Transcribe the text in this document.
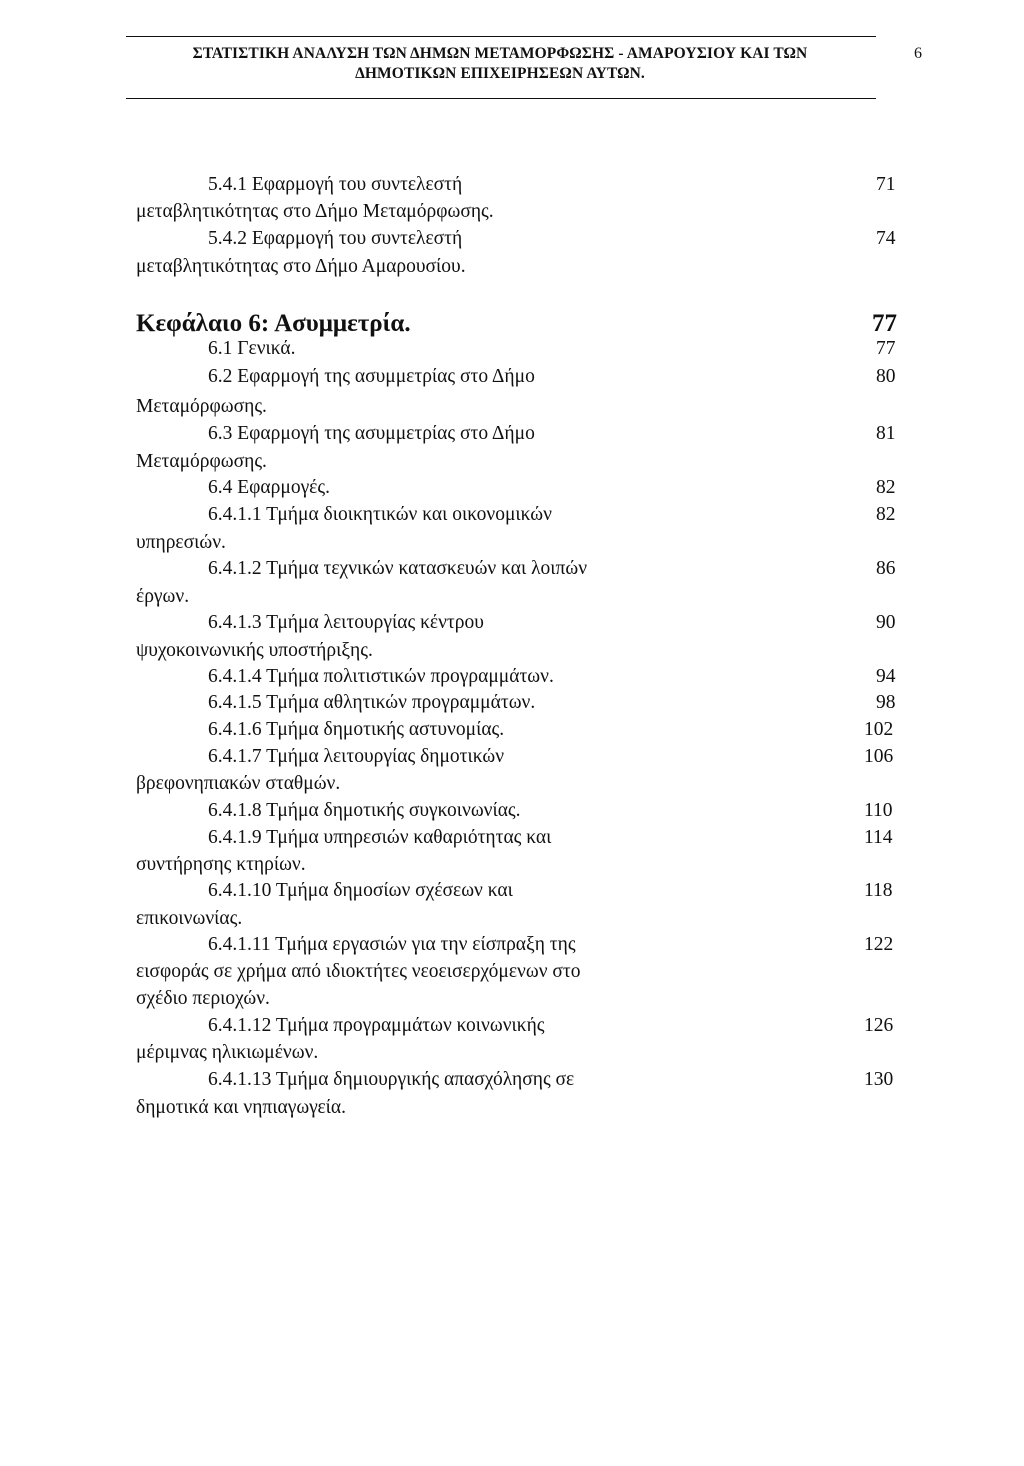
ΣΤΑΤΙΣΤΙΚΗ ΑΝΑΛΥΣΗ ΤΩΝ ΔΗΜΩΝ ΜΕΤΑΜΟΡΦΩΣΗΣ - ΑΜΑΡΟΥΣΙΟΥ ΚΑΙ ΤΩΝ
ΔΗΜΟΤΙΚΩΝ ΕΠΙΧΕΙΡΗΣΕΩΝ ΑΥΤΩΝ.
6
5.4.1 Εφαρμογή του συντελεστή	71
μεταβλητικότητας στο Δήμο Μεταμόρφωσης.
5.4.2 Εφαρμογή του συντελεστή	74
μεταβλητικότητας στο Δήμο Αμαρουσίου.
Κεφάλαιο 6: Ασυμμετρία.	77
6.1 Γενικά.	77
6.2 Εφαρμογή της ασυμμετρίας στο Δήμο	80
Μεταμόρφωσης.
6.3 Εφαρμογή της ασυμμετρίας στο Δήμο	81
Μεταμόρφωσης.
6.4 Εφαρμογές.	82
6.4.1.1 Τμήμα διοικητικών και οικονομικών	82
υπηρεσιών.
6.4.1.2 Τμήμα τεχνικών κατασκευών και λοιπών	86
έργων.
6.4.1.3 Τμήμα λειτουργίας κέντρου	90
ψυχοκοινωνικής υποστήριξης.
6.4.1.4 Τμήμα πολιτιστικών προγραμμάτων.	94
6.4.1.5 Τμήμα αθλητικών προγραμμάτων.	98
6.4.1.6 Τμήμα δημοτικής αστυνομίας.	102
6.4.1.7 Τμήμα λειτουργίας δημοτικών	106
βρεφονηπιακών σταθμών.
6.4.1.8 Τμήμα δημοτικής συγκοινωνίας.	110
6.4.1.9 Τμήμα υπηρεσιών καθαριότητας και	114
συντήρησης κτηρίων.
6.4.1.10 Τμήμα δημοσίων σχέσεων και	118
επικοινωνίας.
6.4.1.11 Τμήμα εργασιών για την είσπραξη της	122
εισφοράς σε χρήμα από ιδιοκτήτες νεοεισερχόμενων στο
σχέδιο περιοχών.
6.4.1.12 Τμήμα προγραμμάτων κοινωνικής	126
μέριμνας ηλικιωμένων.
6.4.1.13 Τμήμα δημιουργικής απασχόλησης σε	130
δημοτικά και νηπιαγωγεία.
